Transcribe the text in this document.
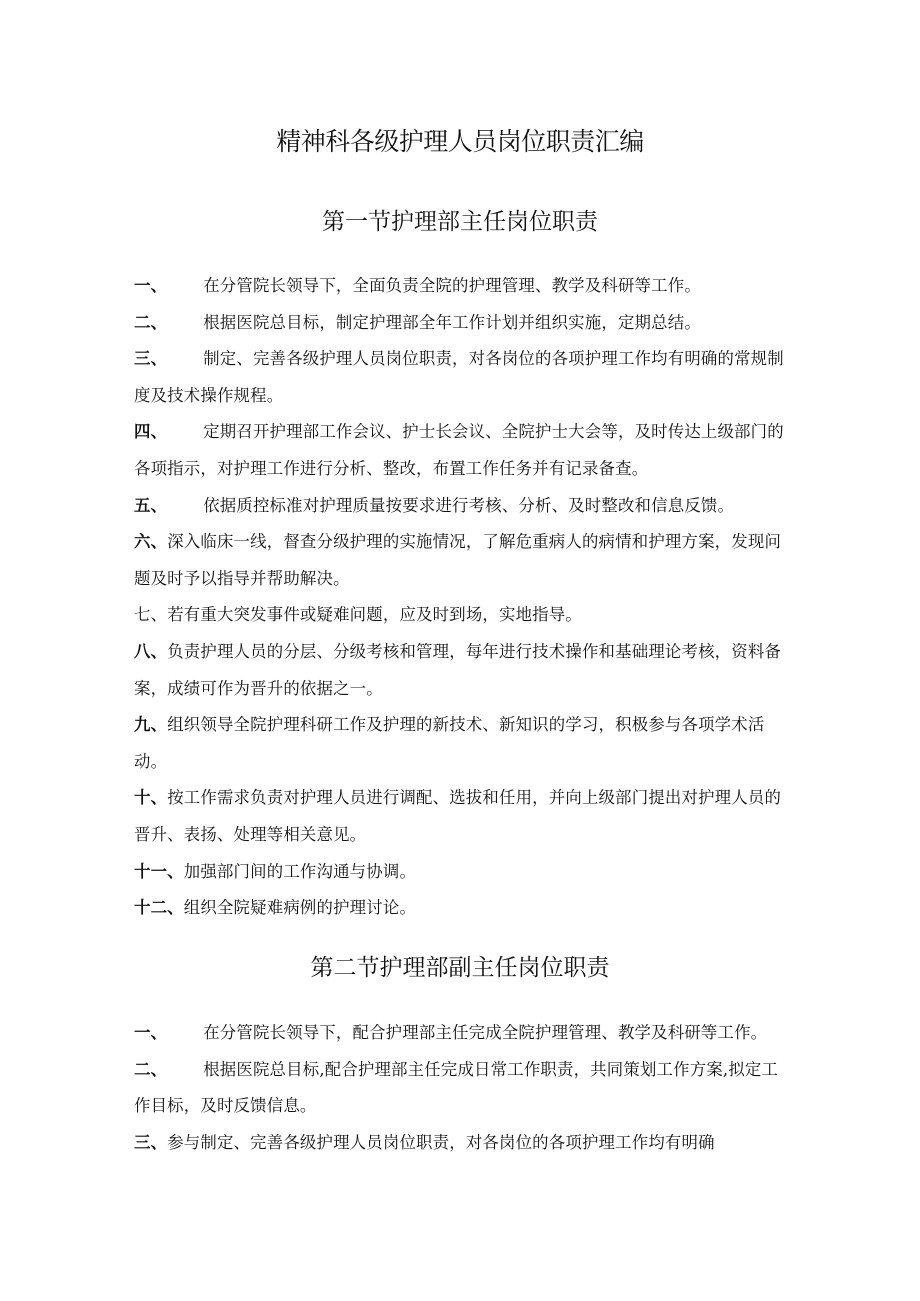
精神科各级护理人员岗位职责汇编
第一节护理部主任岗位职责

一、 在分管院长领导下，全面负责全院的护理管理、教学及科研等工作。

二、 根据医院总目标，制定护理部全年工作计划并组织实施，定期总结。

三、 制定、完善各级护理人员岗位职责，对各岗位的各项护理工作均有明确的常规制度及技术操作规程。

四、 定期召开护理部工作会议、护士长会议、全院护士大会等，及时传达上级部门的各项指示，对护理工作进行分析、整改，布置工作任务并有记录备查。

五、 依据质控标准对护理质量按要求进行考核、分析、及时整改和信息反馈。

六、深入临床一线，督查分级护理的实施情况，了解危重病人的病情和护理方案，发现问题及时予以指导并帮助解决。

七、若有重大突发事件或疑难问题，应及时到场，实地指导。

八、负责护理人员的分层、分级考核和管理，每年进行技术操作和基础理论考核，资料备案，成绩可作为晋升的依据之一。

九、组织领导全院护理科研工作及护理的新技术、新知识的学习，积极参与各项学术活动。

十、按工作需求负责对护理人员进行调配、选拔和任用，并向上级部门提出对护理人员的晋升、表扬、处理等相关意见。

十一、加强部门间的工作沟通与协调。

十二、组织全院疑难病例的护理讨论。

第二节护理部副主任岗位职责

一、 在分管院长领导下，配合护理部主任完成全院护理管理、教学及科研等工作。

二、 根据医院总目标,配合护理部主任完成日常工作职责，共同策划工作方案,拟定工作目标，及时反馈信息。

三、参与制定、完善各级护理人员岗位职责，对各岗位的各项护理工作均有明确
